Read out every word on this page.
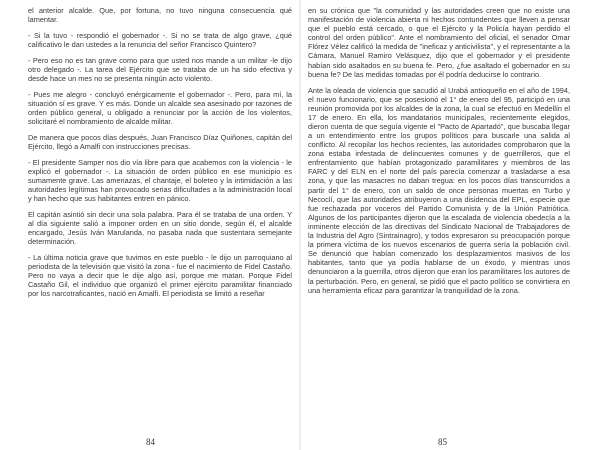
el anterior alcalde. Que, por fortuna, no tuvo ninguna consecuencia qué lamentar.

- Si la tuvo - respondió el gobernador -. Si no se trata de algo grave, ¿qué calificativo le dan ustedes a la renuncia del señor Francisco Quintero?

- Pero eso no es tan grave como para que usted nos mande a un militar -le dijo otro delegado -. La tarea del Ejército que se trataba de un ha sido efectiva y desde hace un mes no se presenta ningún acto violento.

- Pues me alegro - concluyó enérgicamente el gobernador -. Pero, para mí, la situación sí es grave. Y es más. Donde un alcalde sea asesinado por razones de orden público general, u obligado a renunciar por la acción de los violentos, solicitaré el nombramiento de alcalde militar.

De manera que pocos días después, Juan Francisco Díaz Quiñones, capitán del Ejército, llegó a Amalfi con instrucciones precisas.

- El presidente Samper nos dio vía libre para que acabemos con la violencia - le explicó el gobernador -. La situación de orden público en ese municipio es sumamente grave. Las amenazas, el chantaje, el boleteo y la intimidación a las autoridades legítimas han provocado serias dificultades a la administración local y han hecho que sus habitantes entren en pánico.

El capitán asintió sin decir una sola palabra. Para él se trataba de una orden. Y al día siguiente salió a imponer orden en un sitio donde, según él, el alcalde encargado, Jesús Iván Marulanda, no pasaba nada que sustentara semejante determinación.

- La última noticia grave que tuvimos en este pueblo - le dijo un parroquiano al periodista de la televisión que visitó la zona - fue el nacimiento de Fidel Castaño. Pero no vaya a decir que le dije algo así, porque me matan. Porque Fidel Castaño Gil, el individuo que organizó el primer ejército paramilitar financiado por los narcotraficantes, nació en Amalfi. El periodista se limitó a reseñar

84

en su crónica que "la comunidad y las autoridades creen que no existe una manifestación de violencia abierta ni hechos contundentes que lleven a pensar que el pueblo está cercado, o que el Ejército y la Policía hayan perdido el control del orden público". Ante el nombramiento del oficial, el senador Omar Flórez Vélez calificó la medida de "ineficaz y anticivilista", y el representante a la Cámara, Manuel Ramiro Velásquez, dijo que el gobernador y el presidente habían sido asaltados en su buena fe. Pero, ¿fue asaltado el gobernador en su buena fe? De las medidas tomadas por él podría deducirse lo contrario.

Ante la oleada de violencia que sacudió al Urabá antioqueño en el año de 1994, el nuevo funcionario, que se posesionó el 1° de enero del 95, participó en una reunión promovida por los alcaldes de la zona, la cual se efectuó en Medellín el 17 de enero. En ella, los mandatarios municipales, recientemente elegidos, dieron cuenta de que seguía vigente el "Pacto de Apartadó", que buscaba llegar a un entendimiento entre los grupos políticos para buscarle una salida al conflicto. Al recopilar los hechos recientes, las autoridades comprobaron que la zona estaba infestada de delincuentes comunes y de guerrilleros, que el enfrentamiento que habían protagonizado paramilitares y miembros de las FARC y del ELN en el norte del país parecía comenzar a trasladarse a esa zona, y que las masacres no daban tregua: en los pocos días transcurridos a partir del 1° de enero, con un saldo de once personas muertas en Turbo y Necoclí, que las autoridades atribuyeron a una disidencia del EPL, especie que fue rechazada por voceros del Partido Comunista y de la Unión Patriótica. Algunos de los participantes dijeron que la escalada de violencia obedecía a la inminente elección de las directivas del Sindicato Nacional de Trabajadores de la Industria del Agro (Sintrainagro), y todos expresaron su preocupación porque la primera víctima de los nuevos escenarios de guerra sería la población civil. Se denunció que habían comenzado los desplazamientos masivos de los habitantes, tanto que ya podía hablarse de un éxodo, y mientras unos denunciaron a la guerrilla, otros dijeron que eran los paramilitares los autores de la perturbación. Pero, en general, se pidió que el pacto político se convirtiera en una herramienta eficaz para garantizar la tranquilidad de la zona.

85
